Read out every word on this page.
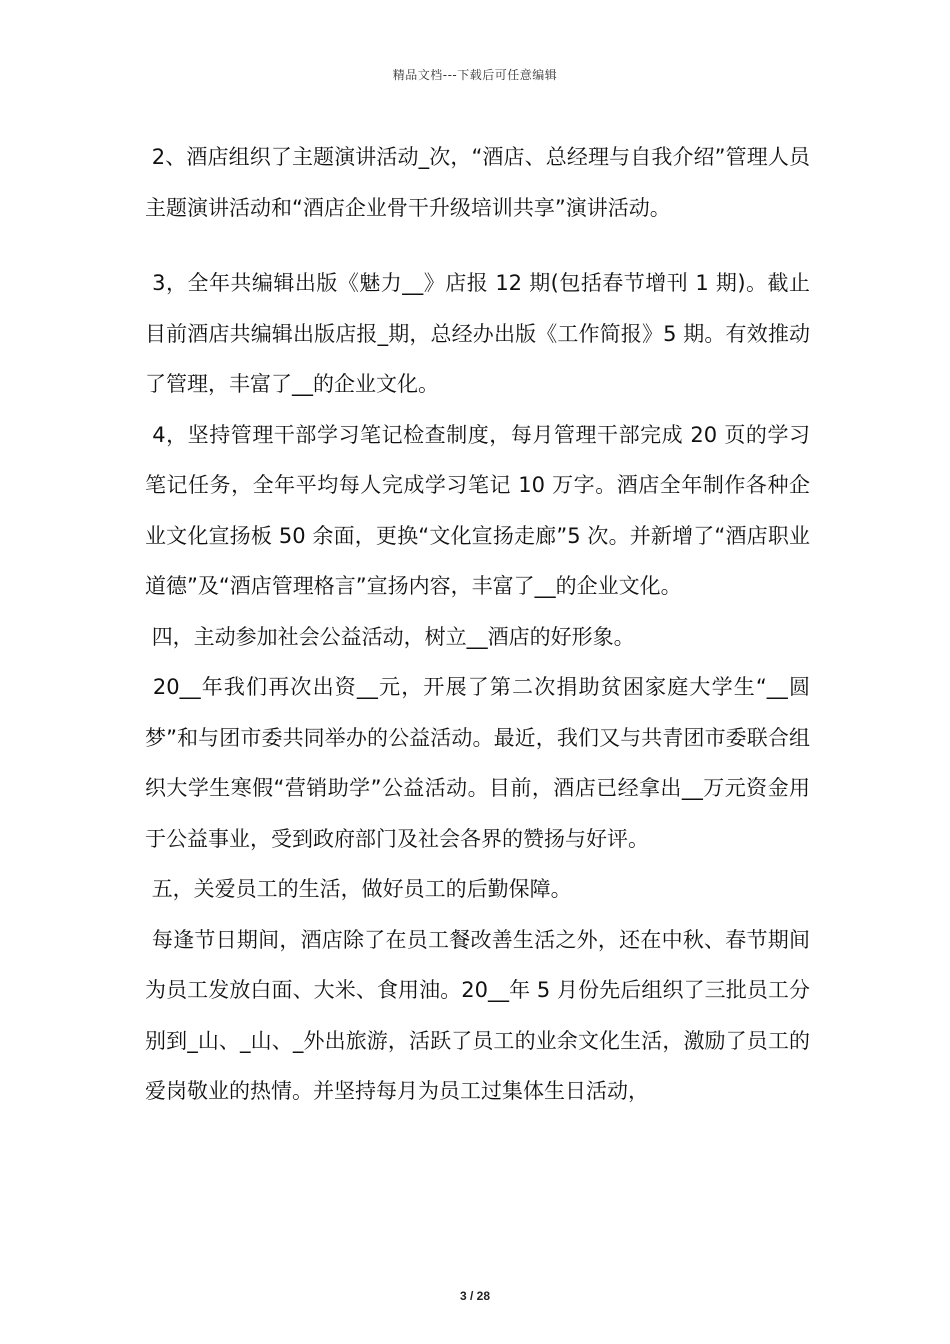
精品文档---下载后可任意编辑

2、酒店组织了主题演讲活动_次，“酒店、总经理与自我介绍”管理人员主题演讲活动和“酒店企业骨干升级培训共享”演讲活动。

3，全年共编辑出版《魅力__》店报 12 期(包括春节增刊 1 期)。截止目前酒店共编辑出版店报_期，总经办出版《工作简报》5 期。有效推动了管理，丰富了__的企业文化。

4，坚持管理干部学习笔记检查制度，每月管理干部完成 20 页的学习笔记任务，全年平均每人完成学习笔记 10 万字。酒店全年制作各种企业文化宣扬板 50 余面，更换“文化宣扬走廊”5 次。并新增了“酒店职业道德”及“酒店管理格言”宣扬内容，丰富了__的企业文化。

四，主动参加社会公益活动，树立__酒店的好形象。

20__年我们再次出资__元，开展了第二次捐助贫困家庭大学生“__圆梦”和与团市委共同举办的公益活动。最近，我们又与共青团市委联合组织大学生寒假“营销助学”公益活动。目前，酒店已经拿出__万元资金用于公益事业，受到政府部门及社会各界的赞扬与好评。

五，关爱员工的生活，做好员工的后勤保障。

每逢节日期间，酒店除了在员工餐改善生活之外，还在中秋、春节期间为员工发放白面、大米、食用油。20__年 5 月份先后组织了三批员工分别到_山、_山、_外出旅游，活跃了员工的业余文化生活，激励了员工的爱岗敬业的热情。并坚持每月为员工过集体生日活动，

3 / 28
